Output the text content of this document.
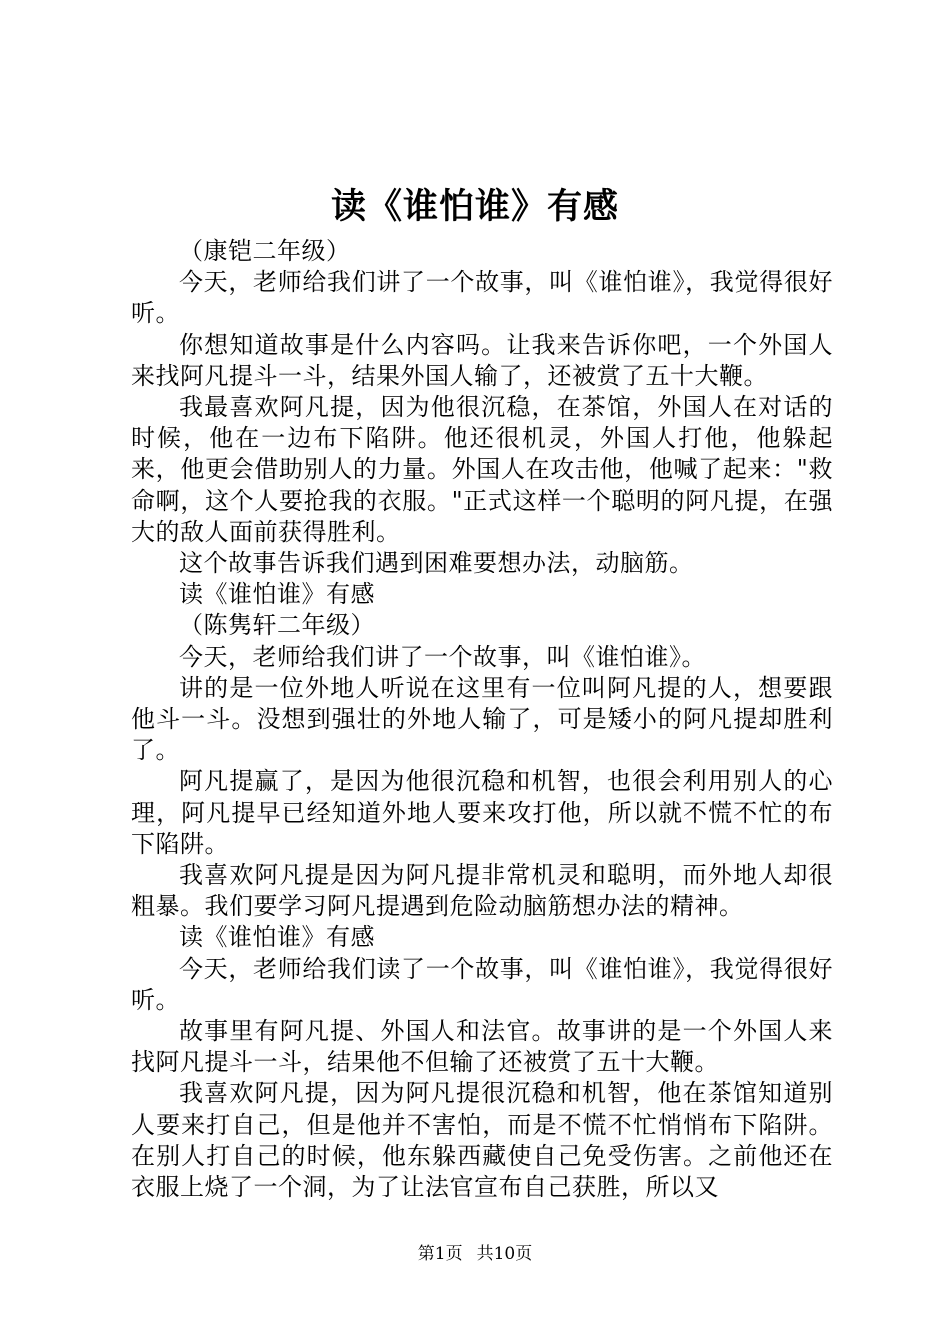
读《谁怕谁》有感

（康铠二年级）

今天，老师给我们讲了一个故事，叫《谁怕谁》，我觉得很好听。

你想知道故事是什么内容吗。让我来告诉你吧，一个外国人来找阿凡提斗一斗，结果外国人输了，还被赏了五十大鞭。

我最喜欢阿凡提，因为他很沉稳，在茶馆，外国人在对话的时候，他在一边布下陷阱。他还很机灵，外国人打他，他躲起来，他更会借助别人的力量。外国人在攻击他，他喊了起来："救命啊，这个人要抢我的衣服。"正式这样一个聪明的阿凡提，在强大的敌人面前获得胜利。

这个故事告诉我们遇到困难要想办法，动脑筋。

读《谁怕谁》有感

（陈隽轩二年级）

今天，老师给我们讲了一个故事，叫《谁怕谁》。

讲的是一位外地人听说在这里有一位叫阿凡提的人，想要跟他斗一斗。没想到强壮的外地人输了，可是矮小的阿凡提却胜利了。

阿凡提赢了，是因为他很沉稳和机智，也很会利用别人的心理，阿凡提早已经知道外地人要来攻打他，所以就不慌不忙的布下陷阱。

我喜欢阿凡提是因为阿凡提非常机灵和聪明，而外地人却很粗暴。我们要学习阿凡提遇到危险动脑筋想办法的精神。

读《谁怕谁》有感

今天，老师给我们读了一个故事，叫《谁怕谁》，我觉得很好听。

故事里有阿凡提、外国人和法官。故事讲的是一个外国人来找阿凡提斗一斗，结果他不但输了还被赏了五十大鞭。

我喜欢阿凡提，因为阿凡提很沉稳和机智，他在茶馆知道别人要来打自己，但是他并不害怕，而是不慌不忙悄悄布下陷阱。在别人打自己的时候，他东躲西藏使自己免受伤害。之前他还在衣服上烧了一个洞，为了让法官宣布自己获胜，所以又

第1页 共10页
